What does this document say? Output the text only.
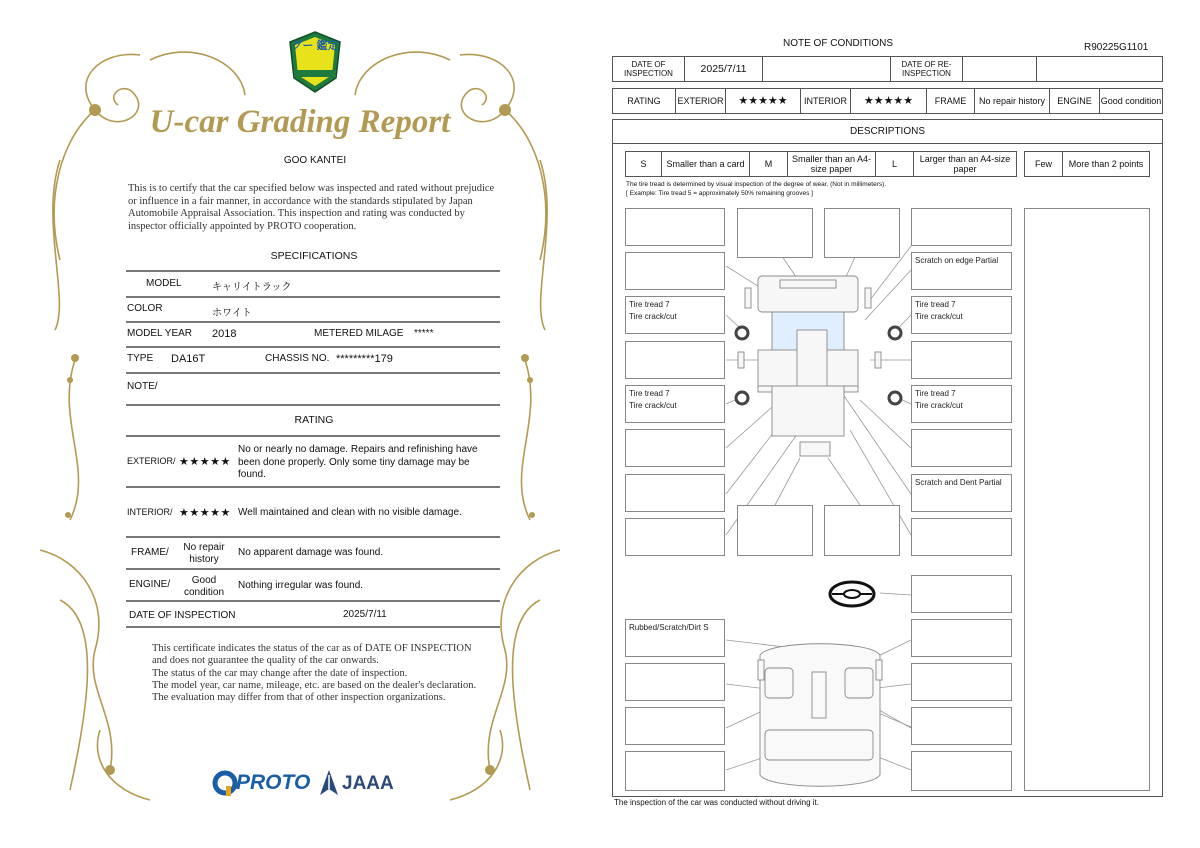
グー 鑑定
U-car Grading Report
GOO KANTEI
This is to certify that the car specified below was inspected and rated without prejudice or influence in a fair manner, in accordance with the standards stipulated by Japan Automobile Appraisal Association. This inspection and rating was conducted by inspector officially appointed by PROTO cooperation.
SPECIFICATIONS
MODEL	キャリイトラック
COLOR	ホワイト
MODEL YEAR 2018	METERED MILAGE *****
TYPE DA16T	CHASSIS NO. *********179
NOTE/
RATING
EXTERIOR/ ★★★★★
No or nearly no damage. Repairs and refinishing have been done properly. Only some tiny damage may be found.
INTERIOR/ ★★★★★ Well maintained and clean with no visible damage.
FRAME/	No repair history
No apparent damage was found.
ENGINE/	Good condition
Nothing irregular was found.
DATE OF INSPECTION	2025/7/11
This certificate indicates the status of the car as of DATE OF INSPECTION and does not guarantee the quality of the car onwards.
The status of the car may change after the date of inspection.
The model year, car name, mileage, etc. are based on the dealer's declaration.
The evaluation may differ from that of other inspection organizations.
PROTO JAAA
NOTE OF CONDITIONS	R90225G1101
DATE OF INSPECTION	2025/7/11	DATE OF RE-INSPECTION
RATING	EXTERIOR	★★★★★	INTERIOR	★★★★★	FRAME	No repair history	ENGINE Good condition
DESCRIPTIONS
S	Smaller than a card	M
Smaller than an A4-size paper
L
Larger than an A4-size paper
Few	More than 2 points
The tire tread is determined by visual inspection of the degree of wear. (Not in millimeters).
[ Example: Tire tread 5 = approximately 50% remaining grooves ]
Scratch on edge Partial
Tire tread 7
Tire crack/cut
Tire tread 7
Tire crack/cut
Tire tread 7
Tire crack/cut
Tire tread 7
Tire crack/cut
Scratch and Dent Partial
Rubbed/Scratch/Dirt S
The inspection of the car was conducted without driving it.
